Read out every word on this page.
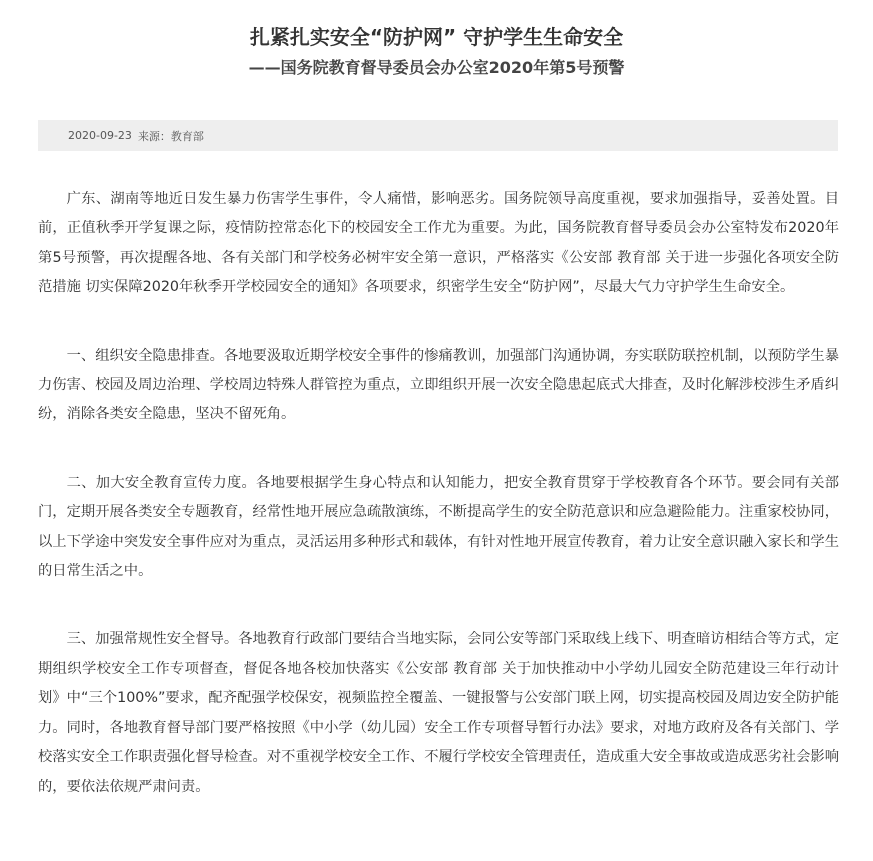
扎紧扎实安全“防护网” 守护学生生命安全
——国务院教育督导委员会办公室2020年第5号预警
2020-09-23 来源：教育部

广东、湖南等地近日发生暴力伤害学生事件，令人痛惜，影响恶劣。国务院领导高度重视，要求加强指导，妥善处置。目前，正值秋季开学复课之际，疫情防控常态化下的校园安全工作尤为重要。为此，国务院教育督导委员会办公室特发布2020年第5号预警，再次提醒各地、各有关部门和学校务必树牢安全第一意识，严格落实《公安部 教育部 关于进一步强化各项安全防范措施 切实保障2020年秋季开学校园安全的通知》各项要求，织密学生安全“防护网”，尽最大气力守护学生生命安全。

一、组织安全隐患排查。各地要汲取近期学校安全事件的惨痛教训，加强部门沟通协调，夯实联防联控机制，以预防学生暴力伤害、校园及周边治理、学校周边特殊人群管控为重点，立即组织开展一次安全隐患起底式大排查，及时化解涉校涉生矛盾纠纷，消除各类安全隐患，坚决不留死角。

二、加大安全教育宣传力度。各地要根据学生身心特点和认知能力，把安全教育贯穿于学校教育各个环节。要会同有关部门，定期开展各类安全专题教育，经常性地开展应急疏散演练，不断提高学生的安全防范意识和应急避险能力。注重家校协同，以上下学途中突发安全事件应对为重点，灵活运用多种形式和载体，有针对性地开展宣传教育，着力让安全意识融入家长和学生的日常生活之中。

三、加强常规性安全督导。各地教育行政部门要结合当地实际，会同公安等部门采取线上线下、明查暗访相结合等方式，定期组织学校安全工作专项督查，督促各地各校加快落实《公安部 教育部 关于加快推动中小学幼儿园安全防范建设三年行动计划》中“三个100%”要求，配齐配强学校保安，视频监控全覆盖、一键报警与公安部门联上网，切实提高校园及周边安全防护能力。同时，各地教育督导部门要严格按照《中小学（幼儿园）安全工作专项督导暂行办法》要求，对地方政府及各有关部门、学校落实安全工作职责强化督导检查。对不重视学校安全工作、不履行学校安全管理责任，造成重大安全事故或造成恶劣社会影响的，要依法依规严肃问责。
